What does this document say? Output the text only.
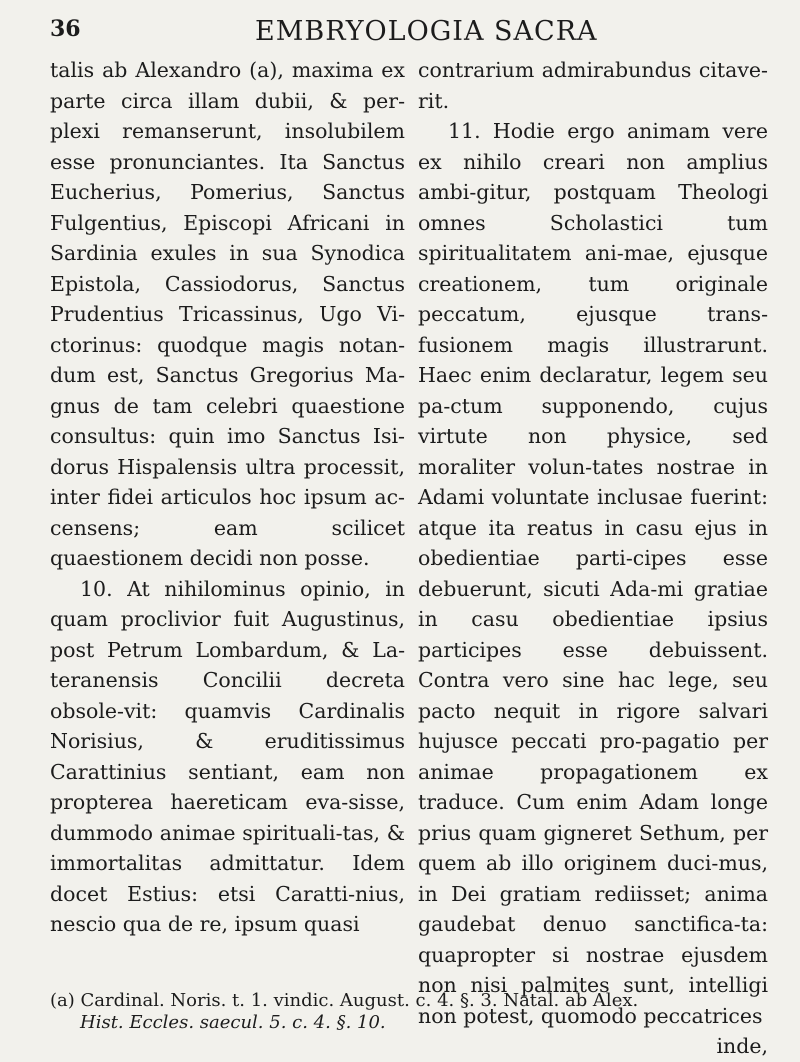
36	EMBRYOLOGIA SACRA

talis ab Alexandro (a), maxima ex parte circa illam dubii, & per-plexi remanserunt, insolubilem esse pronunciantes. Ita Sanctus Eucherius, Pomerius, Sanctus Fulgentius, Episcopi Africani in Sardinia exules in sua Synodica Epistola, Cassiodorus, Sanctus Prudentius Tricassinus, Ugo Vi-ctorinus: quodque magis notan-dum est, Sanctus Gregorius Ma-gnus de tam celebri quaestione consultus: quin imo Sanctus Isi-dorus Hispalensis ultra processit, inter fidei articulos hoc ipsum ac-censens; eam scilicet quaestionem decidi non posse.

10. At nihilominus opinio, in quam proclivior fuit Augustinus, post Petrum Lombardum, & La-teranensis Concilii decreta obsole-vit: quamvis Cardinalis Norisius, & eruditissimus Carattinius sentiant, eam non propterea haereticam eva-sisse, dummodo animae spirituali-tas, & immortalitas admittatur. Idem docet Estius: etsi Caratti-nius, nescio qua de re, ipsum quasi

contrarium admirabundus citave-rit.

11. Hodie ergo animam vere ex nihilo creari non amplius ambi-gitur, postquam Theologi omnes Scholastici tum spiritualitatem ani-mae, ejusque creationem, tum originale peccatum, ejusque trans-fusionem magis illustrarunt. Haec enim declaratur, legem seu pa-ctum supponendo, cujus virtute non physice, sed moraliter volun-tates nostrae in Adami voluntate inclusae fuerint: atque ita reatus in casu ejus in obedientiae parti-cipes esse debuerunt, sicuti Ada-mi gratiae in casu obedientiae ipsius participes esse debuissent. Contra vero sine hac lege, seu pacto nequit in rigore salvari hujusce peccati pro-pagatio per animae propagationem ex traduce. Cum enim Adam longe prius quam gigneret Sethum, per quem ab illo originem duci-mus, in Dei gratiam rediisset; anima gaudebat denuo sanctifica-ta: quapropter si nostrae ejusdem non nisi palmites sunt, intelligi non potest, quomodo peccatrices

inde,

(a) Cardinal. Noris. t. 1. vindic. August. c. 4. §. 3. Natal. ab Alex.
Hist. Eccles. saecul. 5. c. 4. §. 10.
